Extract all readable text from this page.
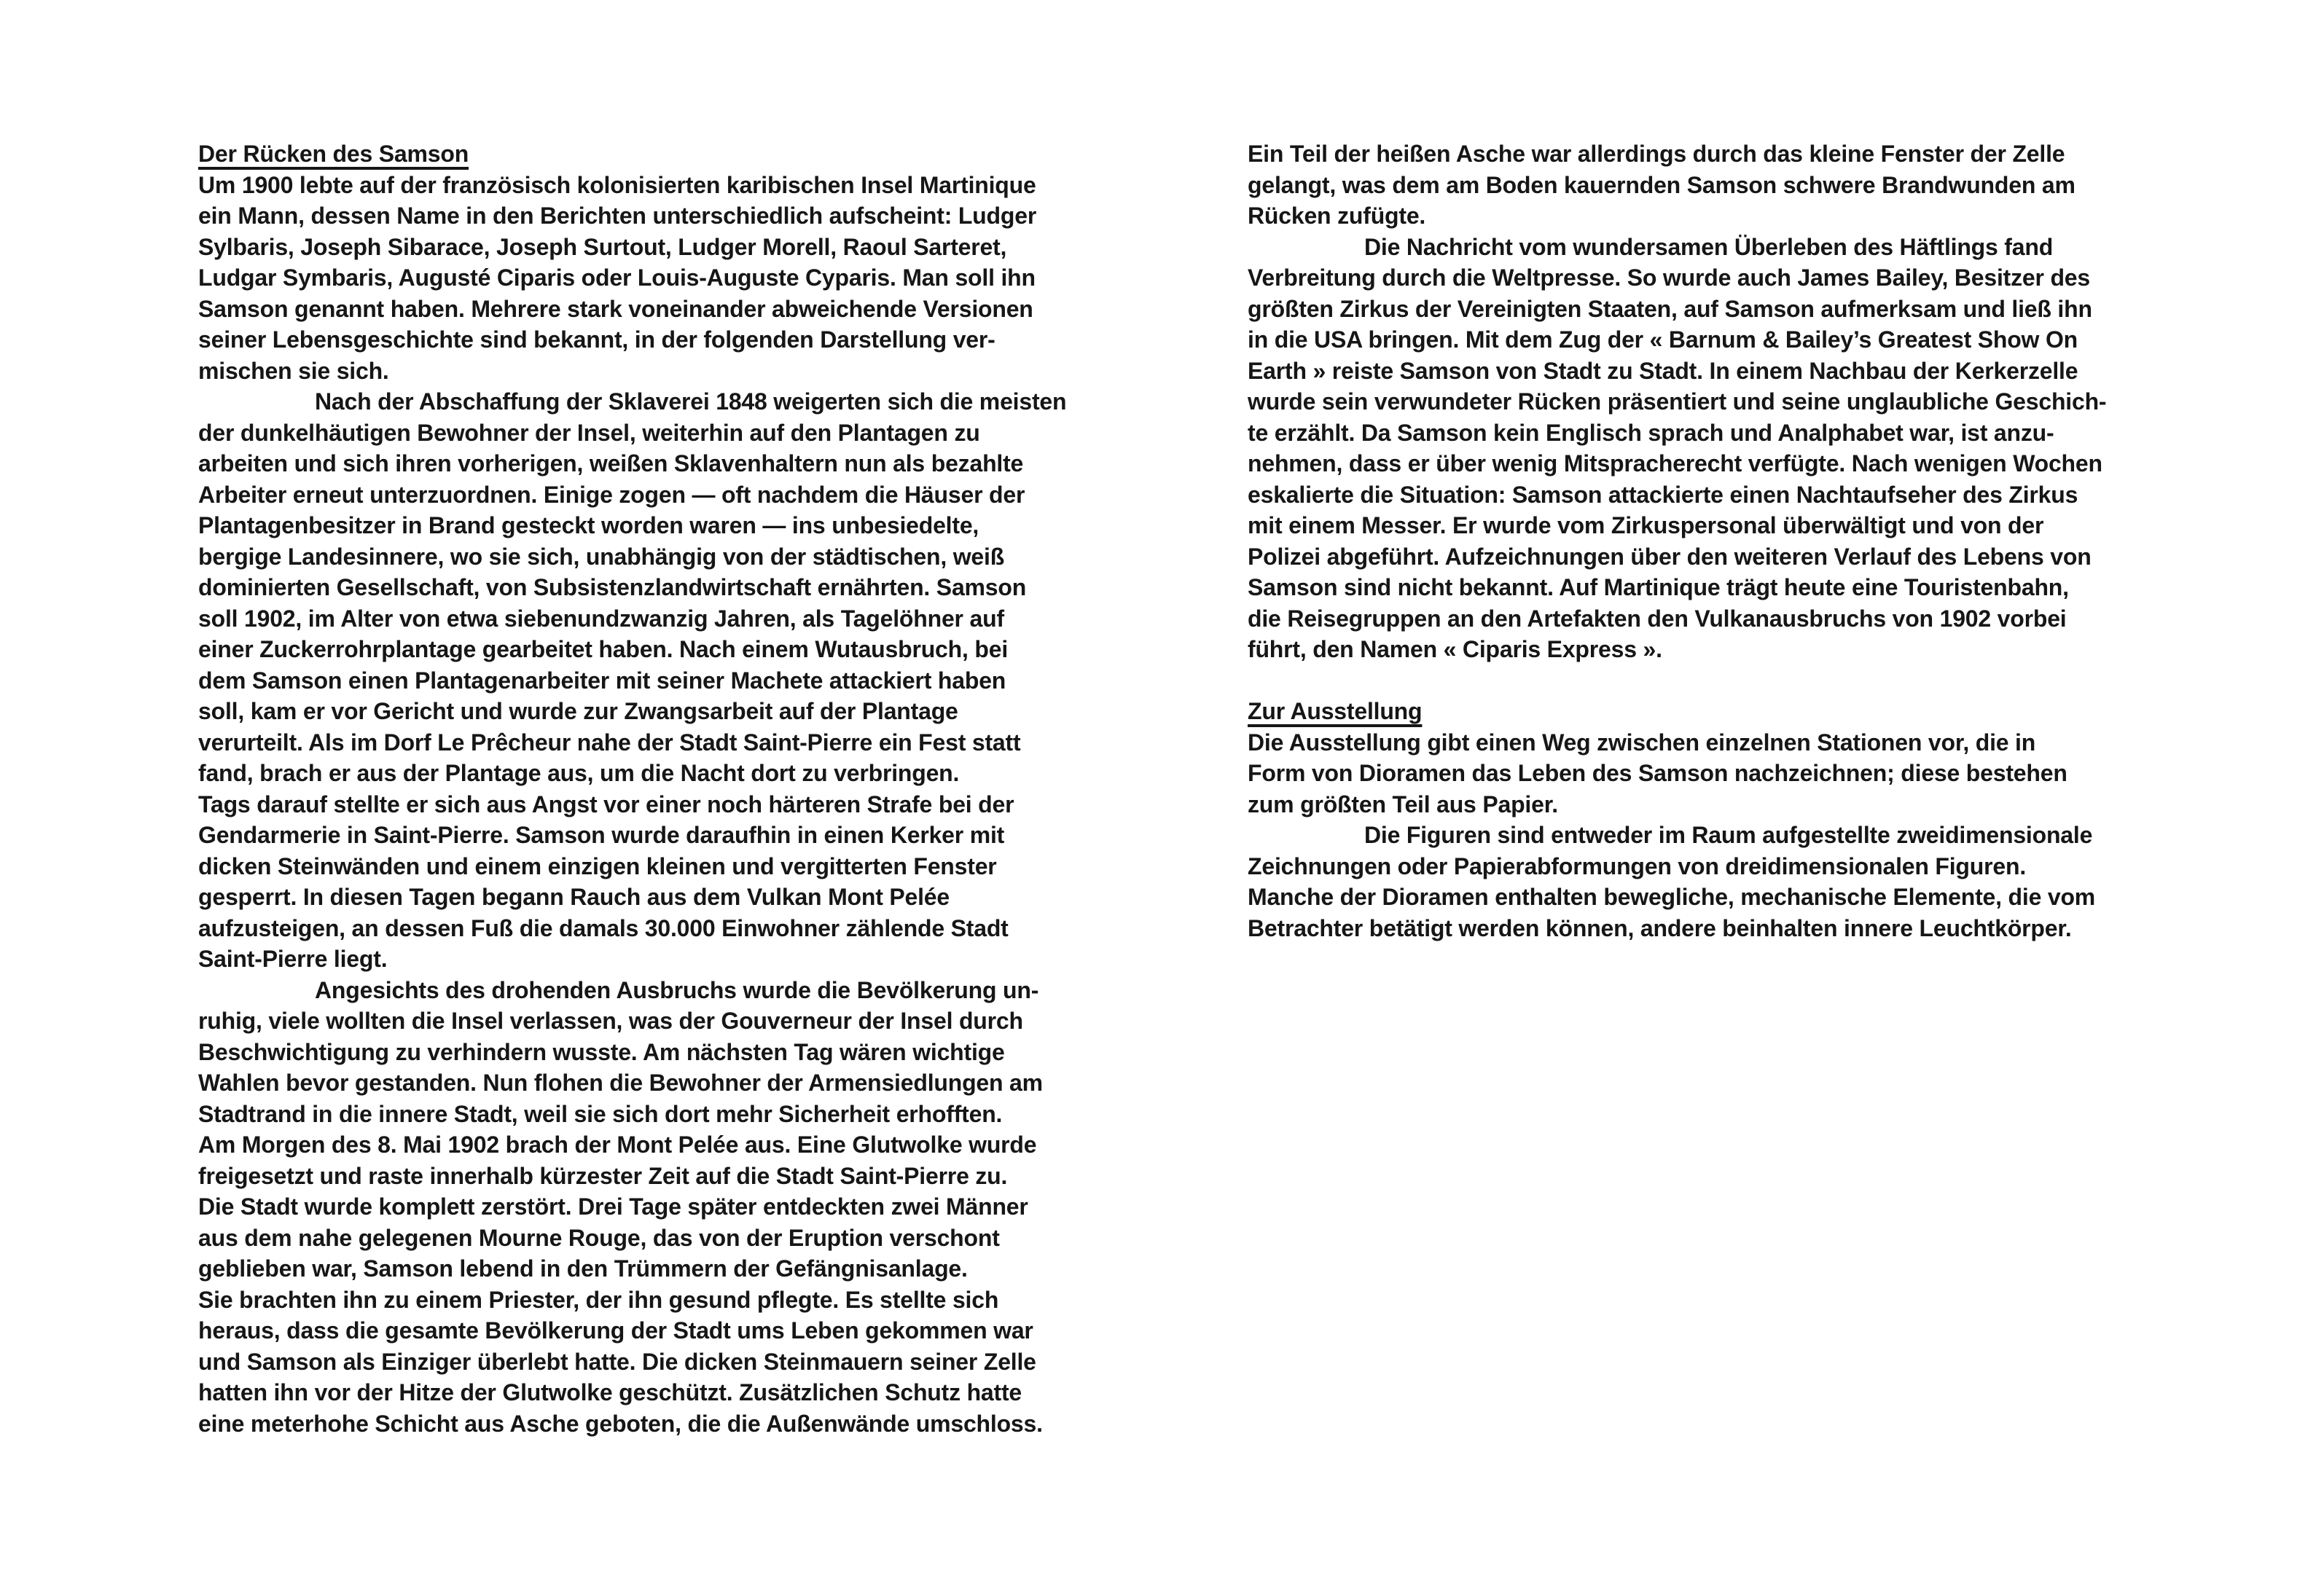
Der Rücken des Samson
Um 1900 lebte auf der französisch kolonisierten karibischen Insel Martinique
ein Mann, dessen Name in den Berichten unterschiedlich aufscheint: Ludger
Sylbaris, Joseph Sibarace, Joseph Surtout, Ludger Morell, Raoul Sarteret,
Ludgar Symbaris, Augusté Ciparis oder Louis-Auguste Cyparis. Man soll ihn
Samson genannt haben. Mehrere stark voneinander abweichende Versionen
seiner Lebensgeschichte sind bekannt, in der folgenden Darstellung ver-
mischen sie sich.
Nach der Abschaffung der Sklaverei 1848 weigerten sich die meisten
der dunkelhäutigen Bewohner der Insel, weiterhin auf den Plantagen zu
arbeiten und sich ihren vorherigen, weißen Sklavenhaltern nun als bezahlte
Arbeiter erneut unterzuordnen. Einige zogen — oft nachdem die Häuser der
Plantagenbesitzer in Brand gesteckt worden waren — ins unbesiedelte,
bergige Landesinnere, wo sie sich, unabhängig von der städtischen, weiß
dominierten Gesellschaft, von Subsistenzlandwirtschaft ernährten. Samson
soll 1902, im Alter von etwa siebenundzwanzig Jahren, als Tagelöhner auf
einer Zuckerrohrplantage gearbeitet haben. Nach einem Wutausbruch, bei
dem Samson einen Plantagenarbeiter mit seiner Machete attackiert haben
soll, kam er vor Gericht und wurde zur Zwangsarbeit auf der Plantage
verurteilt. Als im Dorf Le Prêcheur nahe der Stadt Saint-Pierre ein Fest statt
fand, brach er aus der Plantage aus, um die Nacht dort zu verbringen.
Tags darauf stellte er sich aus Angst vor einer noch härteren Strafe bei der
Gendarmerie in Saint-Pierre. Samson wurde daraufhin in einen Kerker mit
dicken Steinwänden und einem einzigen kleinen und vergitterten Fenster
gesperrt. In diesen Tagen begann Rauch aus dem Vulkan Mont Pelée
aufzusteigen, an dessen Fuß die damals 30.000 Einwohner zählende Stadt
Saint-Pierre liegt.
Angesichts des drohenden Ausbruchs wurde die Bevölkerung un-
ruhig, viele wollten die Insel verlassen, was der Gouverneur der Insel durch
Beschwichtigung zu verhindern wusste. Am nächsten Tag wären wichtige
Wahlen bevor gestanden. Nun flohen die Bewohner der Armensiedlungen am
Stadtrand in die innere Stadt, weil sie sich dort mehr Sicherheit erhofften.
Am Morgen des 8. Mai 1902 brach der Mont Pelée aus. Eine Glutwolke wurde
freigesetzt und raste innerhalb kürzester Zeit auf die Stadt Saint-Pierre zu.
Die Stadt wurde komplett zerstört. Drei Tage später entdeckten zwei Männer
aus dem nahe gelegenen Mourne Rouge, das von der Eruption verschont
geblieben war, Samson lebend in den Trümmern der Gefängnisanlage.
Sie brachten ihn zu einem Priester, der ihn gesund pflegte. Es stellte sich
heraus, dass die gesamte Bevölkerung der Stadt ums Leben gekommen war
und Samson als Einziger überlebt hatte. Die dicken Steinmauern seiner Zelle
hatten ihn vor der Hitze der Glutwolke geschützt. Zusätzlichen Schutz hatte
eine meterhohe Schicht aus Asche geboten, die die Außenwände umschloss.
Ein Teil der heißen Asche war allerdings durch das kleine Fenster der Zelle
gelangt, was dem am Boden kauernden Samson schwere Brandwunden am
Rücken zufügte.
Die Nachricht vom wundersamen Überleben des Häftlings fand
Verbreitung durch die Weltpresse. So wurde auch James Bailey, Besitzer des
größten Zirkus der Vereinigten Staaten, auf Samson aufmerksam und ließ ihn
in die USA bringen. Mit dem Zug der « Barnum & Bailey’s Greatest Show On
Earth » reiste Samson von Stadt zu Stadt. In einem Nachbau der Kerkerzelle
wurde sein verwundeter Rücken präsentiert und seine unglaubliche Geschich-
te erzählt. Da Samson kein Englisch sprach und Analphabet war, ist anzu-
nehmen, dass er über wenig Mitspracherecht verfügte. Nach wenigen Wochen
eskalierte die Situation: Samson attackierte einen Nachtaufseher des Zirkus
mit einem Messer. Er wurde vom Zirkuspersonal überwältigt und von der
Polizei abgeführt. Aufzeichnungen über den weiteren Verlauf des Lebens von
Samson sind nicht bekannt. Auf Martinique trägt heute eine Touristenbahn,
die Reisegruppen an den Artefakten den Vulkanausbruchs von 1902 vorbei
führt, den Namen « Ciparis Express ».

Zur Ausstellung
Die Ausstellung gibt einen Weg zwischen einzelnen Stationen vor, die in
Form von Dioramen das Leben des Samson nachzeichnen; diese bestehen
zum größten Teil aus Papier.
Die Figuren sind entweder im Raum aufgestellte zweidimensionale
Zeichnungen oder Papierabformungen von dreidimensionalen Figuren.
Manche der Dioramen enthalten bewegliche, mechanische Elemente, die vom
Betrachter betätigt werden können, andere beinhalten innere Leuchtkörper.
